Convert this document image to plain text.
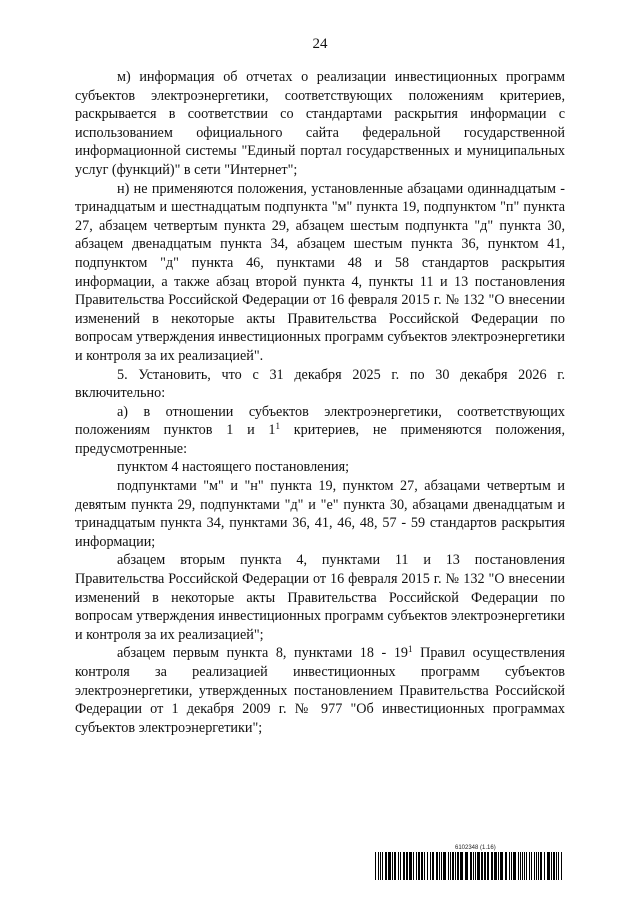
24

м) информация об отчетах о реализации инвестиционных программ субъектов электроэнергетики, соответствующих положениям критериев, раскрывается в соответствии со стандартами раскрытия информации с использованием официального сайта федеральной государственной информационной системы "Единый портал государственных и муниципальных услуг (функций)" в сети "Интернет";

н) не применяются положения, установленные абзацами одиннадцатым - тринадцатым и шестнадцатым подпункта "м" пункта 19, подпунктом "п" пункта 27, абзацем четвертым пункта 29, абзацем шестым подпункта "д" пункта 30, абзацем двенадцатым пункта 34, абзацем шестым пункта 36, пунктом 41, подпунктом "д" пункта 46, пунктами 48 и 58 стандартов раскрытия информации, а также абзац второй пункта 4, пункты 11 и 13 постановления Правительства Российской Федерации от 16 февраля 2015 г. № 132 "О внесении изменений в некоторые акты Правительства Российской Федерации по вопросам утверждения инвестиционных программ субъектов электроэнергетики и контроля за их реализацией".

5. Установить, что с 31 декабря 2025 г. по 30 декабря 2026 г. включительно:

а) в отношении субъектов электроэнергетики, соответствующих положениям пунктов 1 и $1^1$ критериев, не применяются положения, предусмотренные:

пунктом 4 настоящего постановления;

подпунктами "м" и "н" пункта 19, пунктом 27, абзацами четвертым и девятым пункта 29, подпунктами "д" и "е" пункта 30, абзацами двенадцатым и тринадцатым пункта 34, пунктами 36, 41, 46, 48, 57 - 59 стандартов раскрытия информации;

абзацем вторым пункта 4, пунктами 11 и 13 постановления Правительства Российской Федерации от 16 февраля 2015 г. № 132 "О внесении изменений в некоторые акты Правительства Российской Федерации по вопросам утверждения инвестиционных программ субъектов электроэнергетики и контроля за их реализацией";

абзацем первым пункта 8, пунктами $18 - 19^1$ Правил осуществления контроля за реализацией инвестиционных программ субъектов электроэнергетики, утвержденных постановлением Правительства Российской Федерации от 1 декабря 2009 г. № 977 "Об инвестиционных программах субъектов электроэнергетики";

6102348 (1.16)
